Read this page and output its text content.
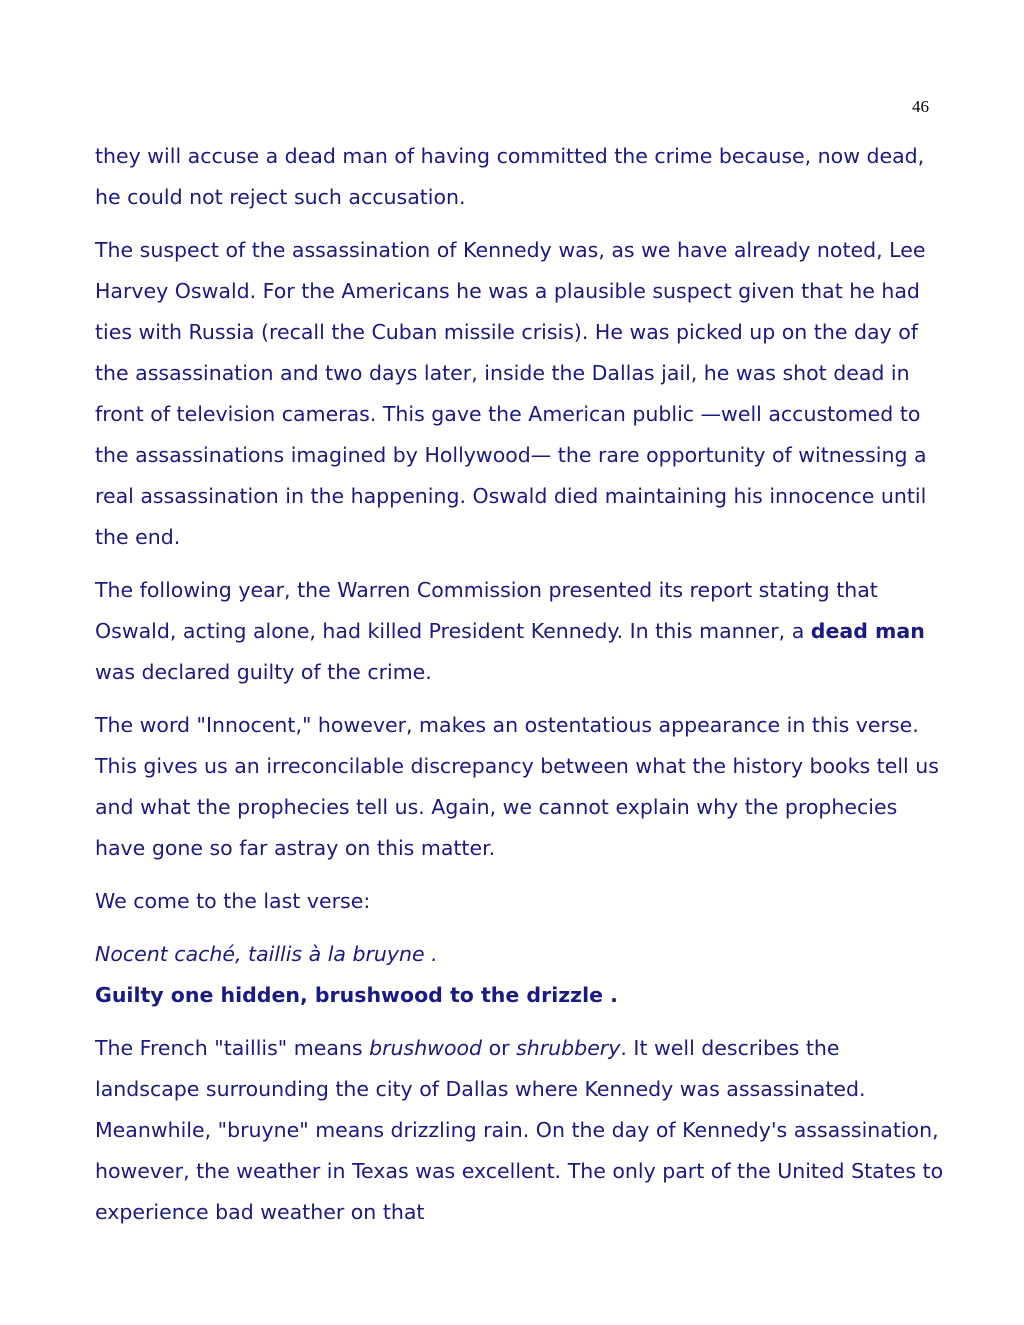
46

they will accuse a dead man of having committed the crime because, now dead, he could not reject such accusation.

The suspect of the assassination of Kennedy was, as we have already noted, Lee Harvey Oswald. For the Americans he was a plausible suspect given that he had ties with Russia (recall the Cuban missile crisis). He was picked up on the day of the assassination and two days later, inside the Dallas jail, he was shot dead in front of television cameras. This gave the American public —well accustomed to the assassinations imagined by Hollywood— the rare opportunity of witnessing a real assassination in the happening. Oswald died maintaining his innocence until the end.

The following year, the Warren Commission presented its report stating that Oswald, acting alone, had killed President Kennedy. In this manner, a dead man was declared guilty of the crime.

The word "Innocent," however, makes an ostentatious appearance in this verse. This gives us an irreconcilable discrepancy between what the history books tell us and what the prophecies tell us. Again, we cannot explain why the prophecies have gone so far astray on this matter.

We come to the last verse:

Nocent caché, taillis à la bruyne .

Guilty one hidden, brushwood to the drizzle .

The French "taillis" means brushwood or shrubbery. It well describes the landscape surrounding the city of Dallas where Kennedy was assassinated. Meanwhile, "bruyne" means drizzling rain. On the day of Kennedy's assassination, however, the weather in Texas was excellent. The only part of the United States to experience bad weather on that
